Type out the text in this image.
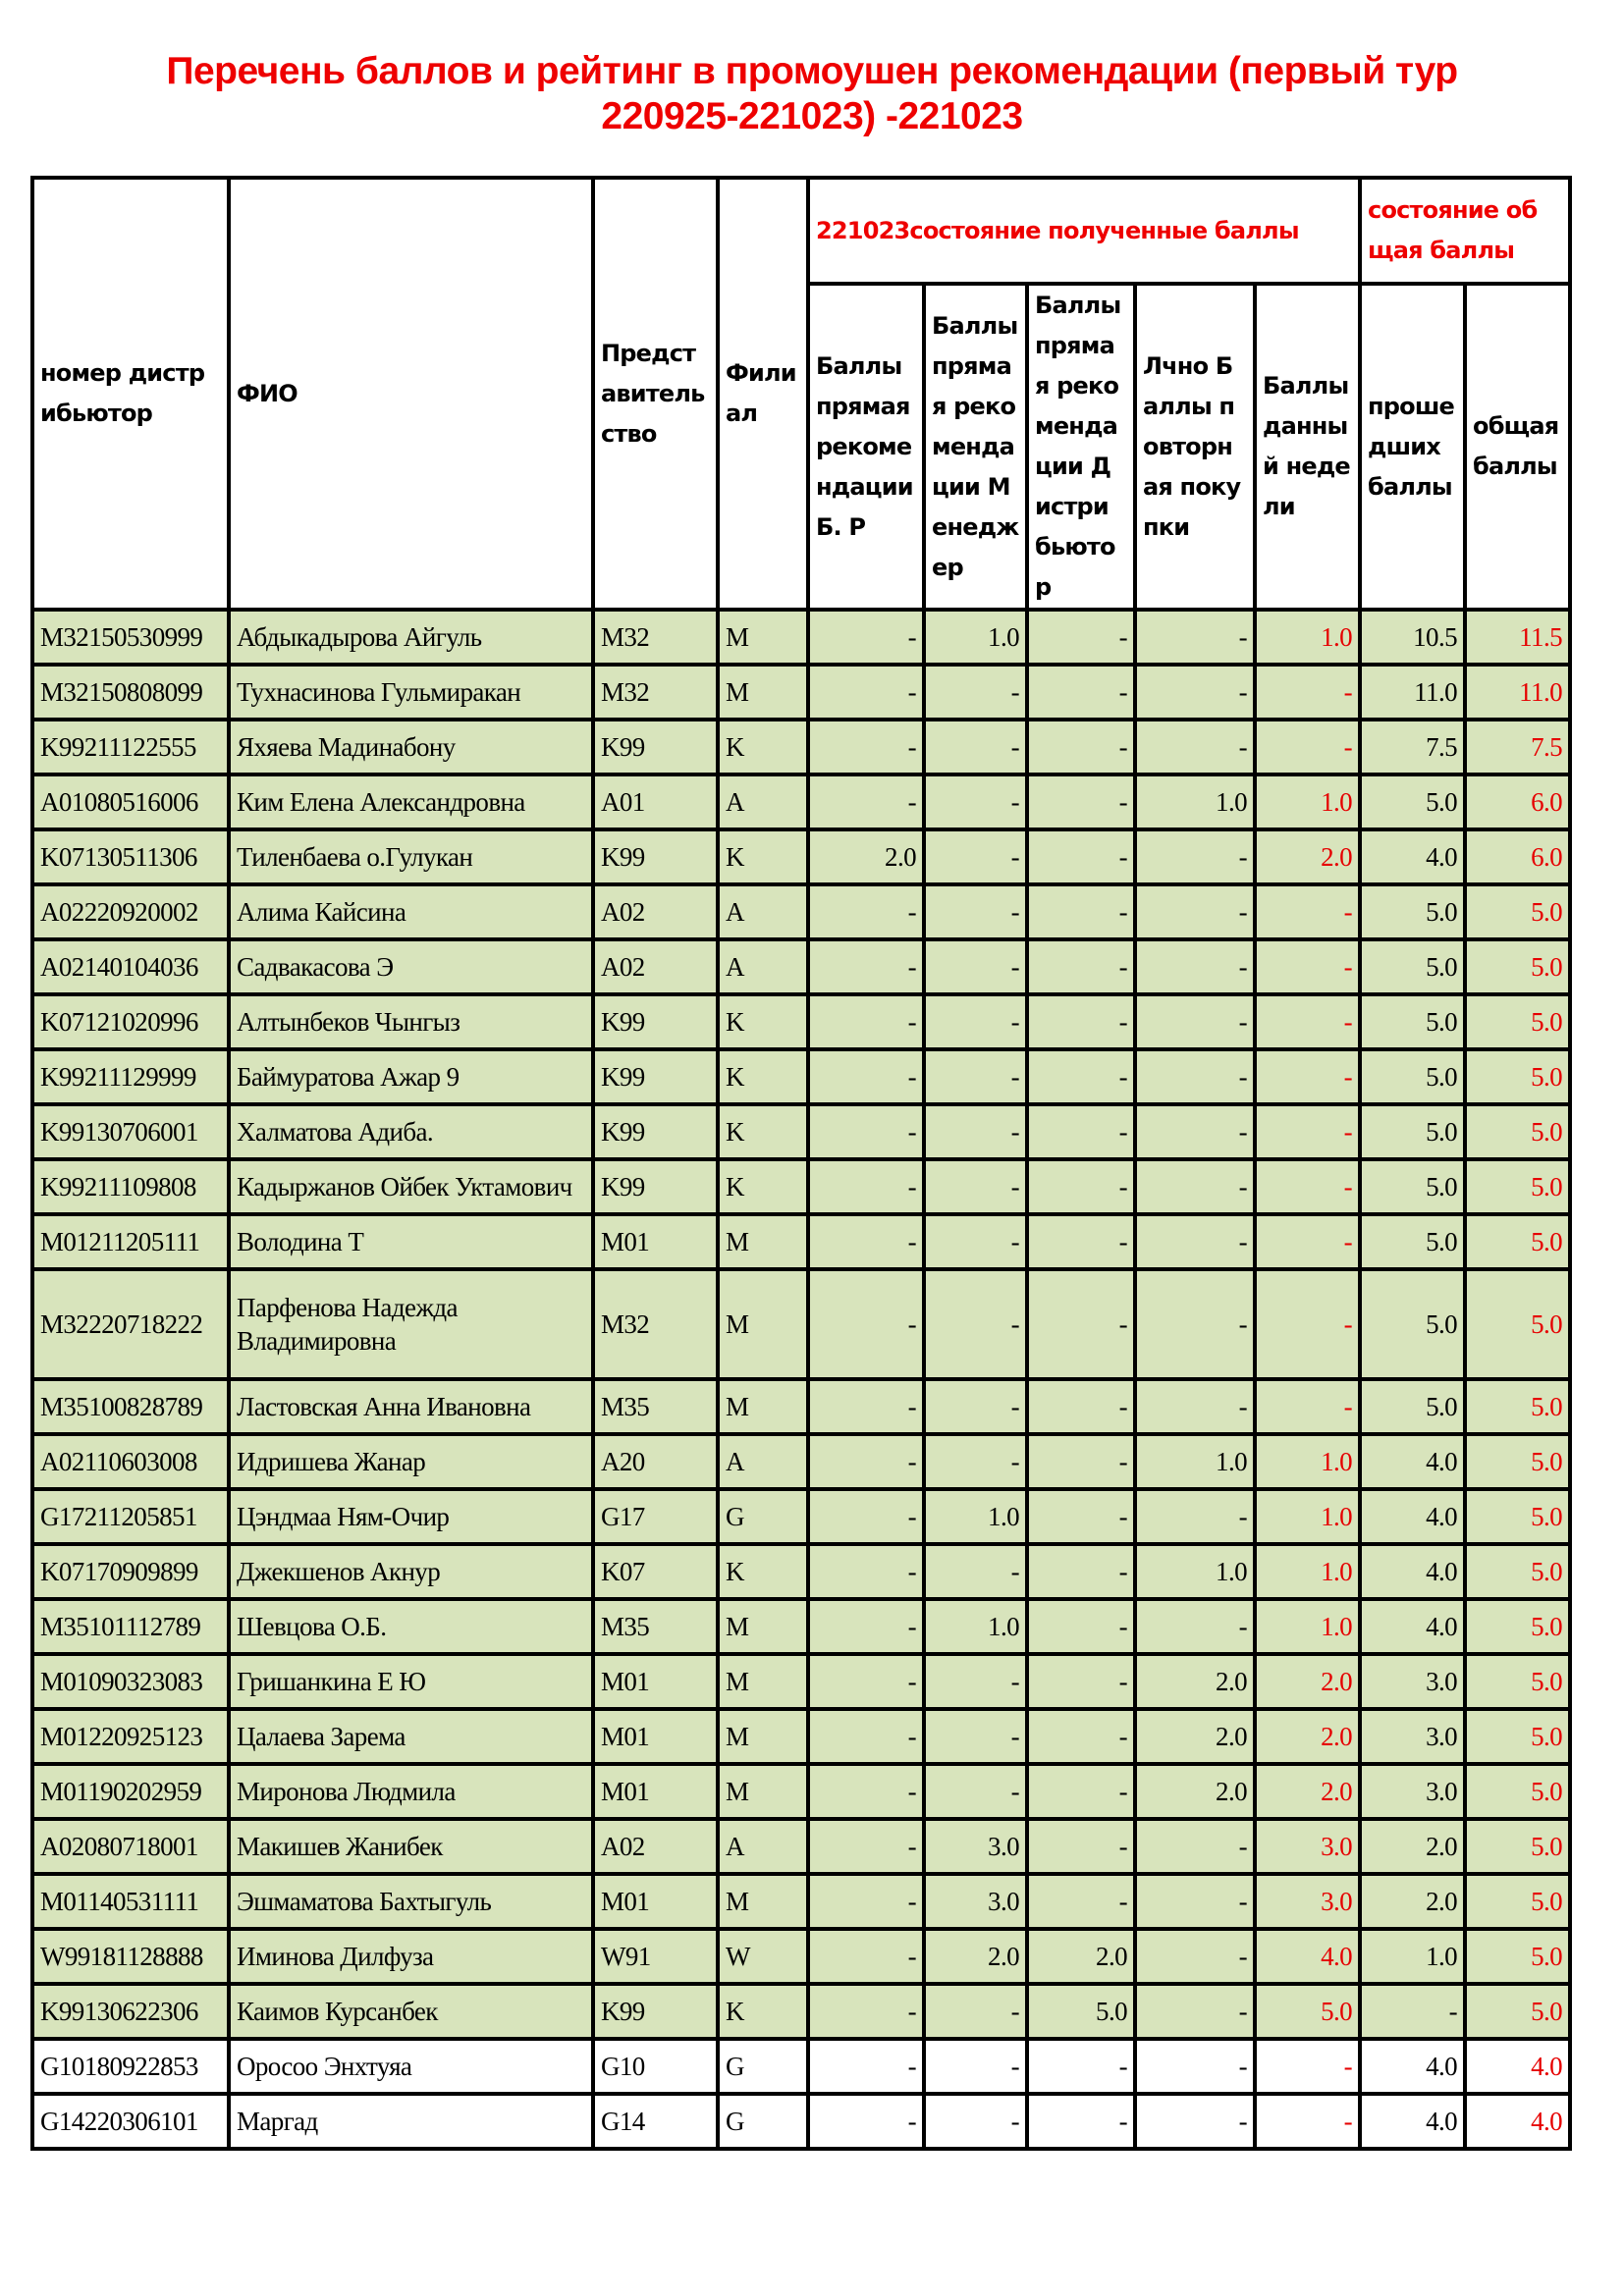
Перечень баллов и рейтинг в промоушен рекомендации (первый тур
220925-221023) -221023
номер дистр ибьютор	ФИО	Предст авитель ство	Фили ал	221023состояние полученные баллы					состояние об щая баллы	
				Баллы прямая рекоме ндации Б. Р	Баллы пряма я реко менда ции М енедж ер	Баллы пряма я реко менда ции Д истри бьюто р	Лчно Б аллы п овторн ая поку пки	Баллы данны й неде ли	проше дших баллы	общая баллы
M32150530999	Абдыкадырова Айгуль	M32	M	-	1.0	-	-	1.0	10.5	11.5
M32150808099	Тухнасинова Гульмиракан	M32	M	-	-	-	-	-	11.0	11.0
K99211122555	Яхяева Мадинабону	K99	K	-	-	-	-	-	7.5	7.5
A01080516006	Ким Елена Александровна	A01	A	-	-	-	1.0	1.0	5.0	6.0
K07130511306	Тиленбаева о.Гулукан	K99	K	2.0	-	-	-	2.0	4.0	6.0
A02220920002	Алима Кайсина	A02	A	-	-	-	-	-	5.0	5.0
A02140104036	Садвакасова Э	A02	A	-	-	-	-	-	5.0	5.0
K07121020996	Алтынбеков Чынгыз	K99	K	-	-	-	-	-	5.0	5.0
K99211129999	Баймуратова Ажар 9	K99	K	-	-	-	-	-	5.0	5.0
K99130706001	Халматова Адиба.	K99	K	-	-	-	-	-	5.0	5.0
K99211109808	Кадыржанов Ойбек Уктамович	K99	K	-	-	-	-	-	5.0	5.0
M01211205111	Володина Т	M01	M	-	-	-	-	-	5.0	5.0
M32220718222	Парфенова Надежда Владимировна	M32	M	-	-	-	-	-	5.0	5.0
M35100828789	Ластовская Анна Ивановна	M35	M	-	-	-	-	-	5.0	5.0
A02110603008	Идришева Жанар	A20	A	-	-	-	1.0	1.0	4.0	5.0
G17211205851	Цэндмаа Ням-Очир	G17	G	-	1.0	-	-	1.0	4.0	5.0
K07170909899	Джекшенов Акнур	K07	K	-	-	-	1.0	1.0	4.0	5.0
M35101112789	Шевцова О.Б.	M35	M	-	1.0	-	-	1.0	4.0	5.0
M01090323083	Гришанкина Е Ю	M01	M	-	-	-	2.0	2.0	3.0	5.0
M01220925123	Цалаева Зарема	M01	M	-	-	-	2.0	2.0	3.0	5.0
M01190202959	Миронова Людмила	M01	M	-	-	-	2.0	2.0	3.0	5.0
A02080718001	Макишев Жанибек	A02	A	-	3.0	-	-	3.0	2.0	5.0
M01140531111	Эшмаматова Бахтыгуль	M01	M	-	3.0	-	-	3.0	2.0	5.0
W99181128888	Иминова Дилфуза	W91	W	-	2.0	2.0	-	4.0	1.0	5.0
K99130622306	Каимов Курсанбек	K99	K	-	-	5.0	-	5.0	-	5.0
G10180922853	Оросоо Энхтуяа	G10	G	-	-	-	-	-	4.0	4.0
G14220306101	Маргад	G14	G	-	-	-	-	-	4.0	4.0
